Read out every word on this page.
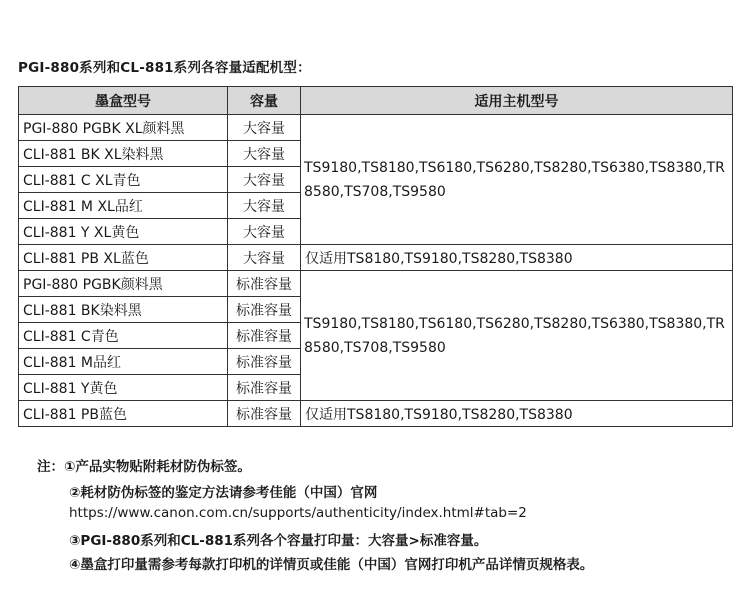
PGI-880系列和CL-881系列各容量适配机型：
墨盒型号	容量	适用主机型号
PGI-880 PGBK XL颜料黑	大容量	TS9180,TS8180,TS6180,TS6280,TS8280,TS6380,TS8380,TR8580,TS708,TS9580
CLI-881 BK XL染料黑	大容量	
CLI-881 C XL青色	大容量	
CLI-881 M XL品红	大容量	
CLI-881 Y XL黄色	大容量	
CLI-881 PB XL蓝色	大容量	仅适用TS8180,TS9180,TS8280,TS8380
PGI-880 PGBK颜料黑	标准容量	TS9180,TS8180,TS6180,TS6280,TS8280,TS6380,TS8380,TR8580,TS708,TS9580
CLI-881 BK染料黑	标准容量	
CLI-881 C青色	标准容量	
CLI-881 M品红	标准容量	
CLI-881 Y黄色	标准容量	
CLI-881 PB蓝色	标准容量	仅适用TS8180,TS9180,TS8280,TS8380
注：①产品实物贴附耗材防伪标签。
②耗材防伪标签的鉴定方法请参考佳能（中国）官网
https://www.canon.com.cn/supports/authenticity/index.html#tab=2
③PGI-880系列和CL-881系列各个容量打印量：大容量>标准容量。
④墨盒打印量需参考每款打印机的详情页或佳能（中国）官网打印机产品详情页规格表。
